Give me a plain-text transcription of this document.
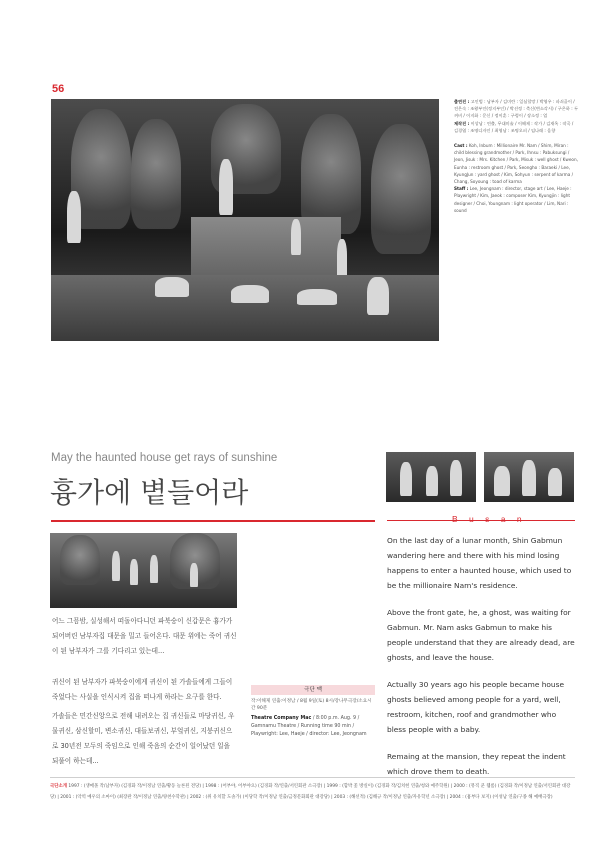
56
출연진 : 고인범 : 남부자 / 김미란 : 일심할망 / 박영우 : 파쇠골이 / 전은숙 : 조왕부인(정지부인) / 박선정 : 측신(변소각시) / 구은하 : 두꺼비 / 이지화 : 문신 / 정이훈 : 구렁이 / 장소정 : 업
제작진 : 이상남 : 연출, 무대미술 / 이해제 : 작가 / 김재옥 : 작곡 / 김경엽 : 조명디자인 / 최영남 : 조명오퍼 / 임나래 : 음향
Cast : Koh, Inbum : Millionaire Mr. Nam / Shim, Miran : child blessing grandmother / Park, Ihnsu : Pabuksungi / Jeon, Jisuk : Mrs. Kitchen / Park, Misuk : well ghost / Kweon, Eunha : restroom ghost / Park, Seongho : Baraeki / Lee, KyungJun : yard ghost / Kim, Sohyun : serpent of karma / Chang, Soyoung : toad of karma
Staff : Lee, Jeongnam : director, stage art / Lee, Haeje : Playwright / Kim, Jaeok : composer Kim, Kyungjin : light designer / Choi, Youngnam : light operator / Lim, Nari : sound
May the haunted house get rays of sunshine
흉가에 볕들어라
B u s a n

어느 그믐밤, 실성해서 떠돌아다니던 파북숭이 신갑문은 흉가가 되어버린 남부자집 대문을 밀고 들어온다. 대문 위에는 죽어 귀신이 된 남부자가 그를 기다리고 있는데...

귀신이 된 남부자가 파북숭이에게 귀신이 된 가솔들에게 그들이 죽었다는 사실을 인식시켜 집을 떠나게 하라는 요구를 한다.

가솔들은 민간신앙으로 전해 내려오는 집 귀신들로 마당귀신, 우물귀신, 삼신할미, 변소귀신, 대들보귀신, 부엌귀신, 지붕귀신으로 30년전 모두의 죽임으로 인해 죽음의 순간이 일어났던 일을 되풀이 하는데...

극단 맥
작:이해제 연출:이정남 / 8월 9일(토) 8시/강나무극장/소요시간 90분
Theatre Company Mac / 8:00 p.m. Aug. 9 / Gamnamu Theatre / Running time 90 min / Playwright: Lee, Haeje / director: Lee, Jeongnam

On the last day of a lunar month, Shin Gabmun wandering here and there with his mind losing happens to enter a haunted house, which used to be the millionaire Nam's residence.

Above the front gate, he, a ghost, was waiting for Gabmun. Mr. Nam asks Gabmun to make his people understand that they are already dead, are ghosts, and leave the house.

Actually 30 years ago his people became house ghosts believed among people for a yard, well, restroom, kitchen, roof and grandmother who bless people with a baby.

Remaing at the mansion, they repeat the indent which drove them to death.

극단소개 1997 : (생매몰 작/남부자) (김경화 작/이정남 연출/황동 놀론된 전당) | 1998 : (어부야, 어부야요) (김경화 작/연출/서린회관 소극장) | 1999 : (함박 꽃 방실이) (김경화 작/김치헌 연출/청와 예주학원) | 2000 : (뮤직 쿤 웹룸) (김경화 작/이정남 연출/서린회관 대강당) | 2001 : (악역 예우의 소마이) (최장관 작/이정남 연출/양천수학관) | 2002 : (위 유치할 도솔가) (이당학 작/이정남 연출/금정문화회관 대강당) | 2003 : (해선적) (김해규 작/이정남 연출/자유학년 소극장) | 2004 : (흉부다 보지) (이성남 연출/구종 해 예배극장)
